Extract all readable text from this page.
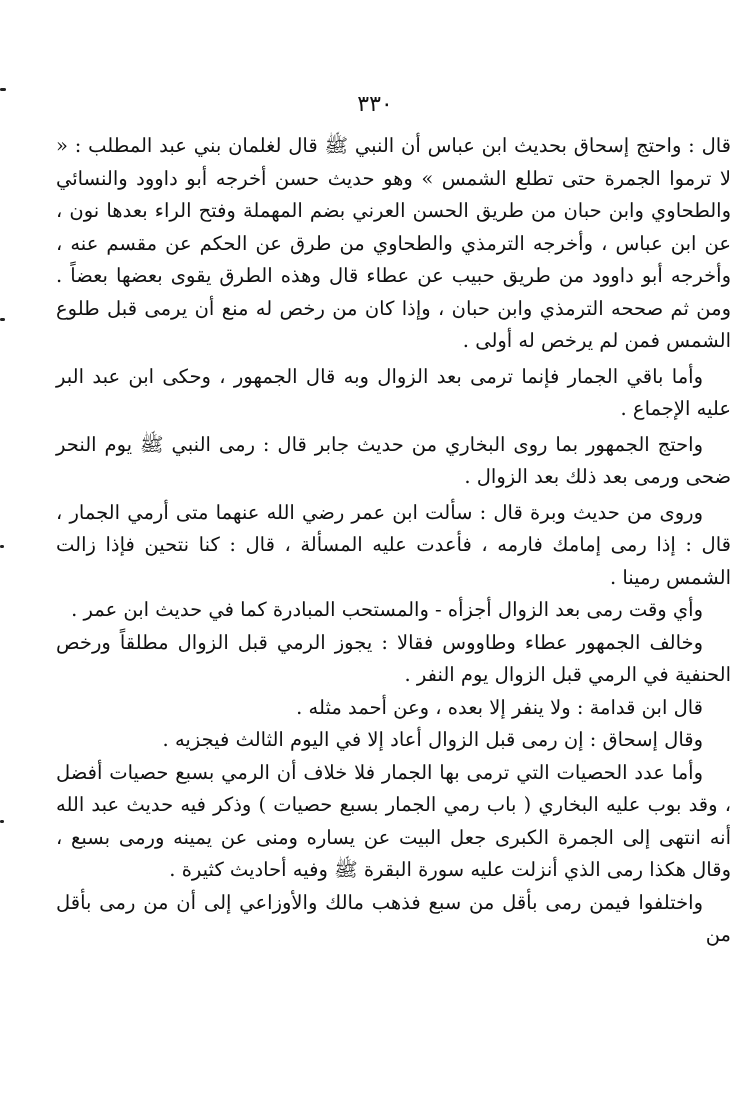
٣٣٠

قال : واحتج إسحاق بحديث ابن عباس أن النبي ﷺ قال لغلمان بني عبد المطلب : « لا ترموا الجمرة حتى تطلع الشمس » وهو حديث حسن أخرجه أبو داوود والنسائي والطحاوي وابن حبان من طريق الحسن العرني بضم المهملة وفتح الراء بعدها نون ، عن ابن عباس ، وأخرجه الترمذي والطحاوي من طرق عن الحكم عن مقسم عنه ، وأخرجه أبو داوود من طريق حبيب عن عطاء قال وهذه الطرق يقوى بعضها بعضاً . ومن ثم صححه الترمذي وابن حبان ، وإذا كان من رخص له منع أن يرمى قبل طلوع الشمس فمن لم يرخص له أولى .

وأما باقي الجمار فإنما ترمى بعد الزوال وبه قال الجمهور ، وحكى ابن عبد البر عليه الإجماع .

واحتج الجمهور بما روى البخاري من حديث جابر قال : رمى النبي ﷺ يوم النحر ضحى ورمى بعد ذلك بعد الزوال .

وروى من حديث وبرة قال : سألت ابن عمر رضي الله عنهما متى أرمي الجمار ، قال : إذا رمى إمامك فارمه ، فأعدت عليه المسألة ، قال : كنا نتحين فإذا زالت الشمس رمينا .

وأي وقت رمى بعد الزوال أجزأه - والمستحب المبادرة كما في حديث ابن عمر .

وخالف الجمهور عطاء وطاووس فقالا : يجوز الرمي قبل الزوال مطلقاً ورخص الحنفية في الرمي قبل الزوال يوم النفر .

قال ابن قدامة : ولا ينفر إلا بعده ، وعن أحمد مثله .

وقال إسحاق : إن رمى قبل الزوال أعاد إلا في اليوم الثالث فيجزيه .

وأما عدد الحصيات التي ترمى بها الجمار فلا خلاف أن الرمي بسبع حصيات أفضل ، وقد بوب عليه البخاري ( باب رمي الجمار بسبع حصيات ) وذكر فيه حديث عبد الله أنه انتهى إلى الجمرة الكبرى جعل البيت عن يساره ومنى عن يمينه ورمى بسبع ، وقال هكذا رمى الذي أنزلت عليه سورة البقرة ﷺ وفيه أحاديث كثيرة .

واختلفوا فيمن رمى بأقل من سبع فذهب مالك والأوزاعي إلى أن من رمى بأقل من
